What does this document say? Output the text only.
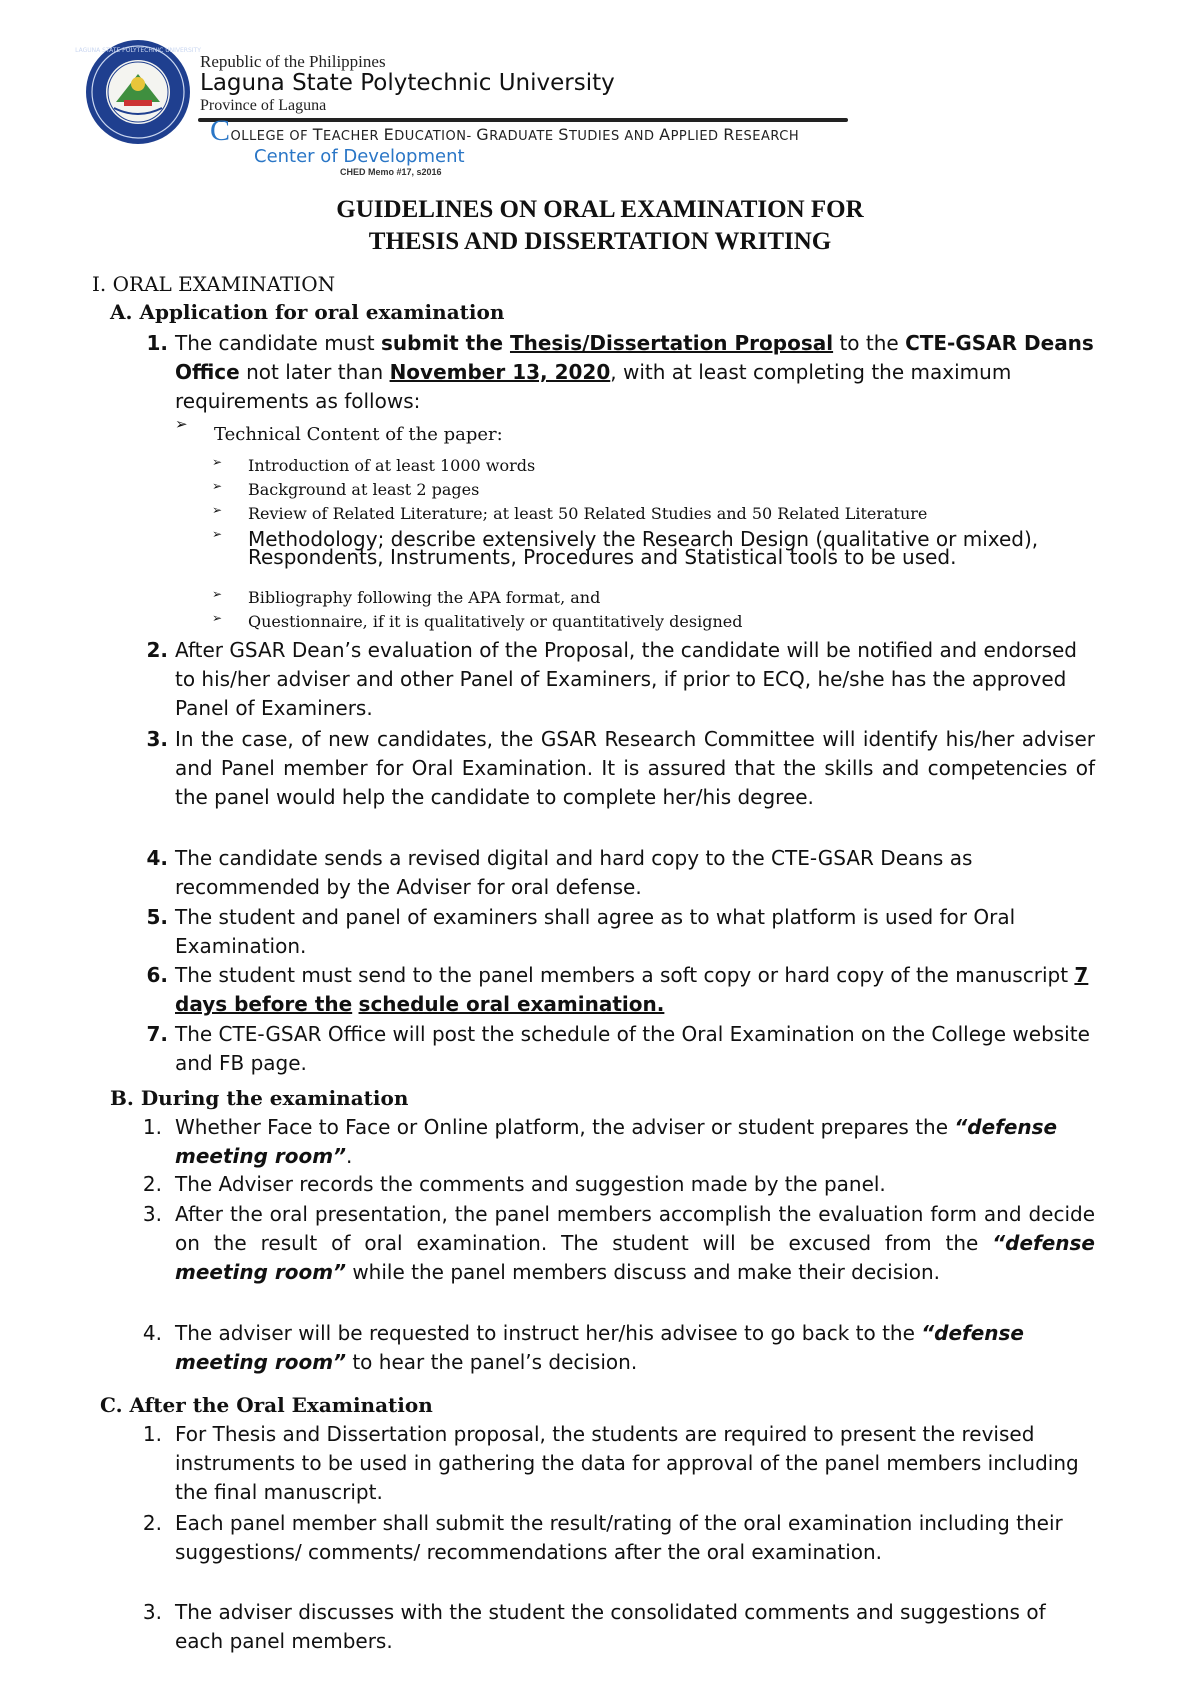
LAGUNA STATE POLYTECHNIC UNIVERSITY
Republic of the Philippines
Laguna State Polytechnic University
Province of Laguna
COLLEGE OF TEACHER EDUCATION- GRADUATE STUDIES AND APPLIED RESEARCH
Center of Development
CHED Memo #17, s2016
GUIDELINES ON ORAL EXAMINATION FOR
THESIS AND DISSERTATION WRITING
I. ORAL EXAMINATION
A. Application for oral examination
1. The candidate must submit the Thesis/Dissertation Proposal to the CTE-GSAR Deans Office not later than November 13, 2020, with at least completing the maximum requirements as follows:
➢ Technical Content of the paper:
➢ Introduction of at least 1000 words
➢ Background at least 2 pages
➢ Review of Related Literature; at least 50 Related Studies and 50 Related Literature
➢ Methodology; describe extensively the Research Design (qualitative or mixed), Respondents, Instruments, Procedures and Statistical tools to be used.
➢ Bibliography following the APA format, and
➢ Questionnaire, if it is qualitatively or quantitatively designed
2. After GSAR Dean’s evaluation of the Proposal, the candidate will be notified and endorsed to his/her adviser and other Panel of Examiners, if prior to ECQ, he/she has the approved Panel of Examiners.
3. In the case, of new candidates, the GSAR Research Committee will identify his/her adviser and Panel member for Oral Examination. It is assured that the skills and competencies of the panel would help the candidate to complete her/his degree.
4. The candidate sends a revised digital and hard copy to the CTE-GSAR Deans as recommended by the Adviser for oral defense.
5. The student and panel of examiners shall agree as to what platform is used for Oral Examination.
6. The student must send to the panel members a soft copy or hard copy of the manuscript 7 days before the schedule oral examination.
7. The CTE-GSAR Office will post the schedule of the Oral Examination on the College website and FB page.
B. During the examination
1. Whether Face to Face or Online platform, the adviser or student prepares the “defense meeting room”.
2. The Adviser records the comments and suggestion made by the panel.
3. After the oral presentation, the panel members accomplish the evaluation form and decide on the result of oral examination. The student will be excused from the “defense meeting room” while the panel members discuss and make their decision.
4. The adviser will be requested to instruct her/his advisee to go back to the “defense meeting room” to hear the panel’s decision.
C. After the Oral Examination
1. For Thesis and Dissertation proposal, the students are required to present the revised instruments to be used in gathering the data for approval of the panel members including the final manuscript.
2. Each panel member shall submit the result/rating of the oral examination including their suggestions/ comments/ recommendations after the oral examination.
3. The adviser discusses with the student the consolidated comments and suggestions of each panel members.
